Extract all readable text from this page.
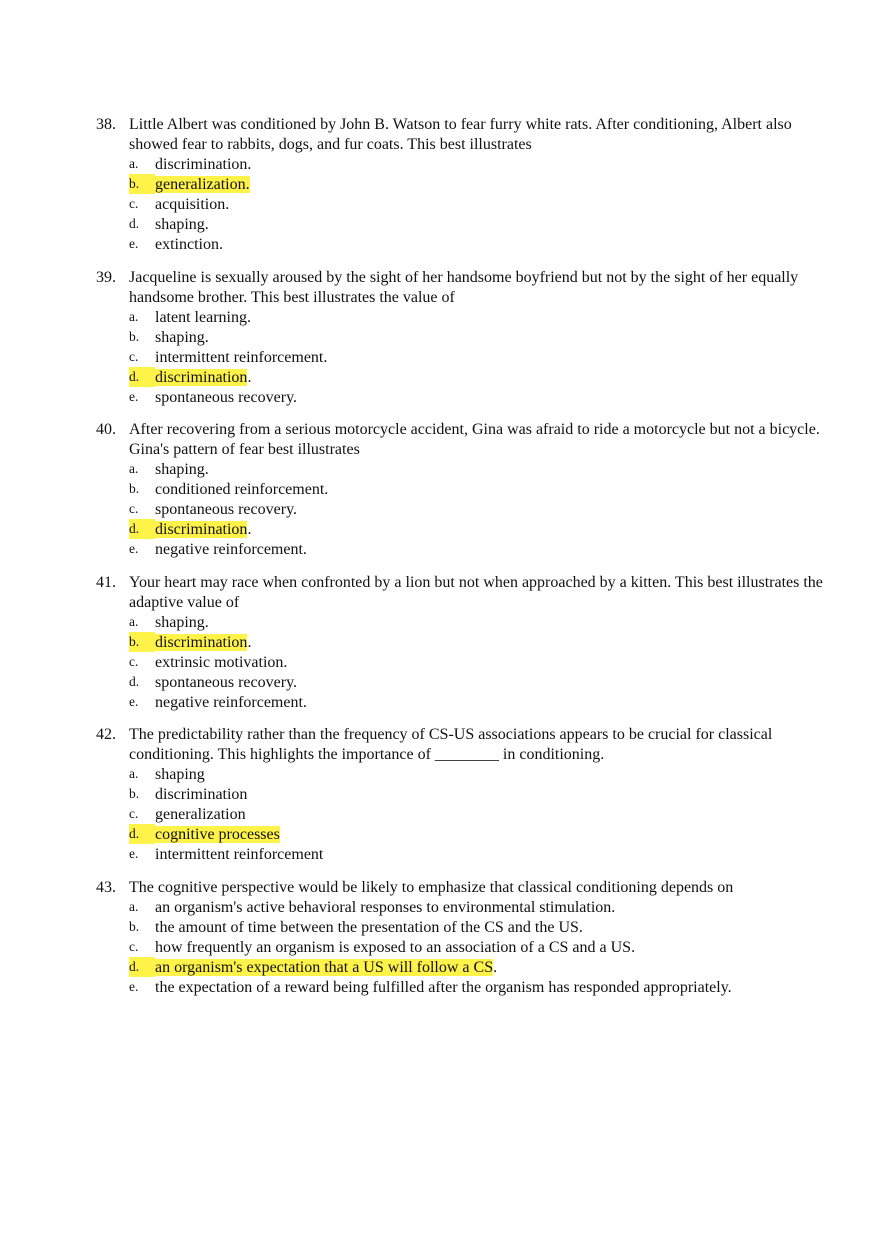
38. Little Albert was conditioned by John B. Watson to fear furry white rats. After conditioning, Albert also showed fear to rabbits, dogs, and fur coats. This best illustrates
a.	discrimination.
b. generalization.
c.	acquisition.
d. shaping.
e.	extinction.
39. Jacqueline is sexually aroused by the sight of her handsome boyfriend but not by the sight of her equally handsome brother. This best illustrates the value of
a.	latent learning.
b. shaping.
c.	intermittent reinforcement.
d. discrimination.
e.	spontaneous recovery.
40. After recovering from a serious motorcycle accident, Gina was afraid to ride a motorcycle but not a bicycle. Gina's pattern of fear best illustrates
a.	shaping.
b. conditioned reinforcement.
c.	spontaneous recovery.
d. discrimination.
e.	negative reinforcement.
41. Your heart may race when confronted by a lion but not when approached by a kitten. This best illustrates the adaptive value of
a.	shaping.
b. discrimination.
c.	extrinsic motivation.
d. spontaneous recovery.
e.	negative reinforcement.
42. The predictability rather than the frequency of CS-US associations appears to be crucial for classical conditioning. This highlights the importance of ________ in conditioning.
a.	shaping
b. discrimination
c.	generalization
d. cognitive processes
e.	intermittent reinforcement
43. The cognitive perspective would be likely to emphasize that classical conditioning depends on
a.	an organism's active behavioral responses to environmental stimulation.
b. the amount of time between the presentation of the CS and the US.
c.	how frequently an organism is exposed to an association of a CS and a US.
d. an organism's expectation that a US will follow a CS.
e.	the expectation of a reward being fulfilled after the organism has responded appropriately.
